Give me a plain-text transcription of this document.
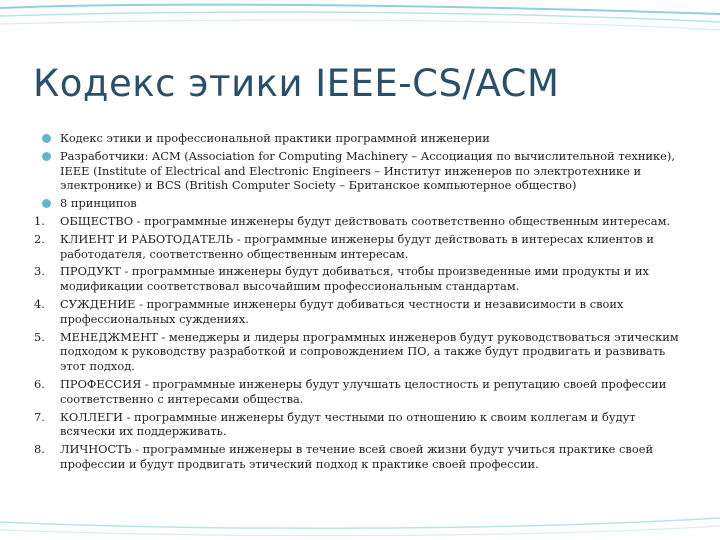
Кодекс этики IEEE-CS/ACM
Кодекс этики и профессиональной практики программной инженерии
Разработчики: ACM (Association for Computing Machinery – Ассоциация по вычислительной технике), IEEE (Institute of Electrical and Electronic Engineers – Институт инженеров по электротехнике и электронике) и BCS (British Computer Society – Британское компьютерное общество)
8 принципов
1. ОБЩЕСТВО - программные инженеры будут действовать соответственно общественным интересам.
2. КЛИЕНТ И РАБОТОДАТЕЛЬ - программные инженеры будут действовать в интересах клиентов и работодателя, соответственно общественным интересам.
3. ПРОДУКТ - программные инженеры будут добиваться, чтобы произведенные ими продукты и их модификации соответствовал высочайшим профессиональным стандартам.
4. СУЖДЕНИЕ - программные инженеры будут добиваться честности и независимости в своих профессиональных суждениях.
5. МЕНЕДЖМЕНТ - менеджеры и лидеры программных инженеров будут руководствоваться этическим подходом к руководству разработкой и сопровождением ПО, а также будут продвигать и развивать этот подход.
6. ПРОФЕССИЯ - программные инженеры будут улучшать целостность и репутацию своей профессии соответственно с интересами общества.
7. КОЛЛЕГИ - программные инженеры будут честными по отношению к своим коллегам и будут всячески их поддерживать.
8. ЛИЧНОСТЬ - программные инженеры в течение всей своей жизни будут учиться практике своей профессии и будут продвигать этический подход к практике своей профессии.
